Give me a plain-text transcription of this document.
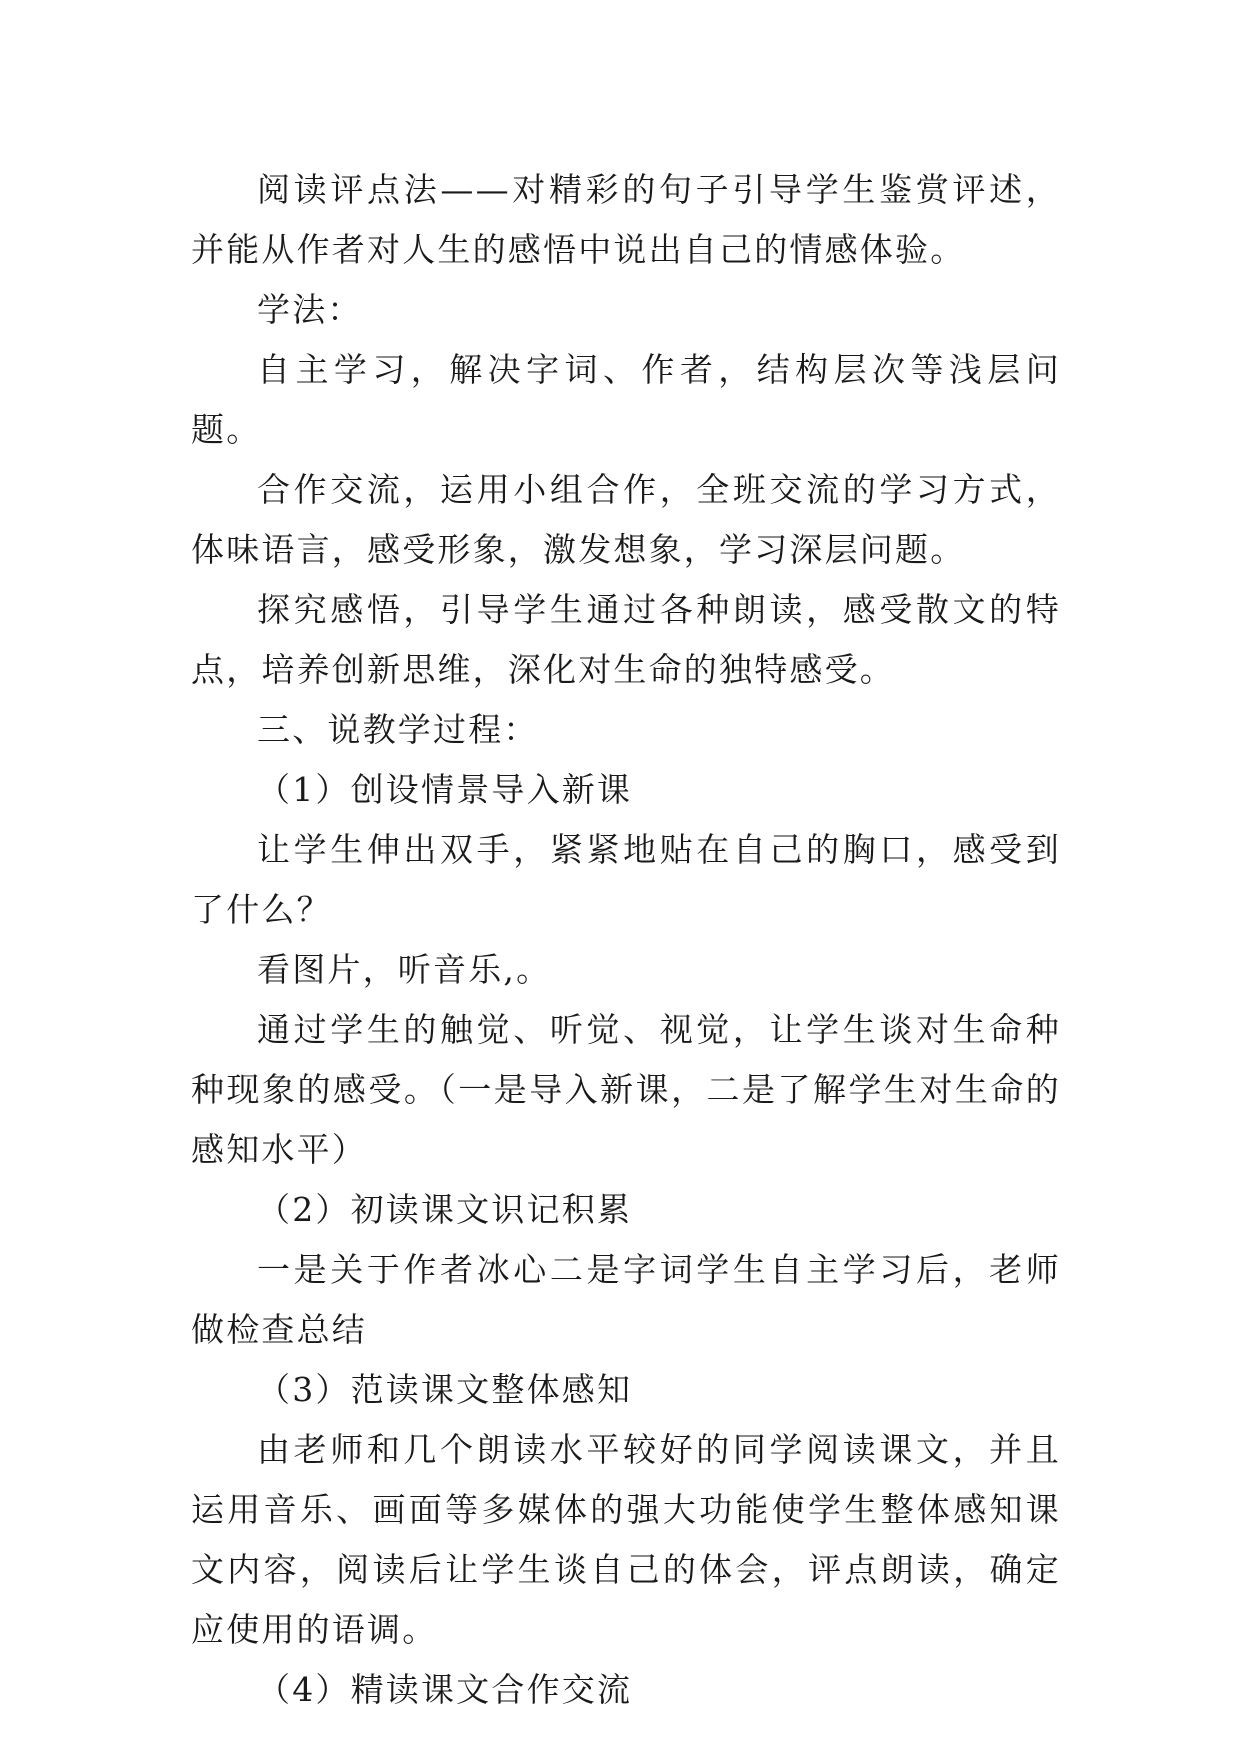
阅读评点法——对精彩的句子引导学生鉴赏评述，并能从作者对人生的感悟中说出自己的情感体验。

学法：

自主学习，解决字词、作者，结构层次等浅层问题。

合作交流，运用小组合作，全班交流的学习方式，体味语言，感受形象，激发想象，学习深层问题。

探究感悟，引导学生通过各种朗读，感受散文的特点，培养创新思维，深化对生命的独特感受。

三、说教学过程：

（1）创设情景导入新课

让学生伸出双手，紧紧地贴在自己的胸口，感受到了什么？

看图片，听音乐,。

通过学生的触觉、听觉、视觉，让学生谈对生命种种现象的感受。（一是导入新课，二是了解学生对生命的感知水平）

（2）初读课文识记积累

一是关于作者冰心二是字词学生自主学习后，老师做检查总结

（3）范读课文整体感知

由老师和几个朗读水平较好的同学阅读课文，并且运用音乐、画面等多媒体的强大功能使学生整体感知课文内容，阅读后让学生谈自己的体会，评点朗读，确定应使用的语调。

（4）精读课文合作交流
